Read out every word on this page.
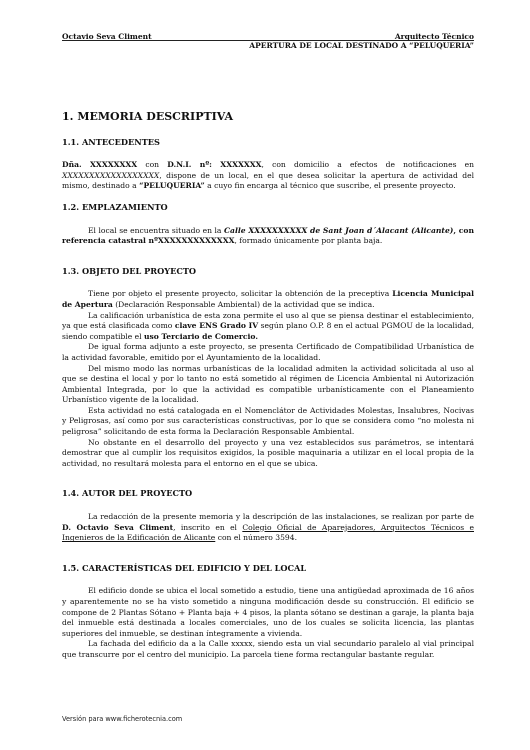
Octavio Seva Climent	Arquitecto Técnico
APERTURA DE LOCAL DESTINADO A “PELUQUERIA”
1. MEMORIA DESCRIPTIVA
1.1. ANTECEDENTES

Dña. XXXXXXXX con D.N.I. nº: XXXXXXX, con domicilio a efectos de notificaciones en XXXXXXXXXXXXXXXXXX, dispone de un local, en el que desea solicitar la apertura de actividad del mismo, destinado a “PELUQUERIA” a cuyo fin encarga al técnico que suscribe, el presente proyecto.

1.2. EMPLAZAMIENTO

El local se encuentra situado en la Calle XXXXXXXXXX de Sant Joan d´Alacant (Alicante), con referencia catastral nºXXXXXXXXXXXXX, formado únicamente por planta baja.

1.3. OBJETO DEL PROYECTO

Tiene por objeto el presente proyecto, solicitar la obtención de la preceptiva Licencia Municipal de Apertura (Declaración Responsable Ambiental) de la actividad que se indica.

La calificación urbanística de esta zona permite el uso al que se piensa destinar el establecimiento, ya que está clasificada como clave ENS Grado IV según plano O.P. 8 en el actual PGMOU de la localidad, siendo compatible el uso Terciario de Comercio.

De igual forma adjunto a este proyecto, se presenta Certificado de Compatibilidad Urbanística de la actividad favorable, emitido por el Ayuntamiento de la localidad.

Del mismo modo las normas urbanísticas de la localidad admiten la actividad solicitada al uso al que se destina el local y por lo tanto no está sometido al régimen de Licencia Ambiental ni Autorización Ambiental Integrada, por lo que la actividad es compatible urbanísticamente con el Planeamiento Urbanístico vigente de la localidad.

Esta actividad no está catalogada en el Nomenclátor de Actividades Molestas, Insalubres, Nocivas y Peligrosas, así como por sus características constructivas, por lo que se considera como “no molesta ni peligrosa” solicitando de esta forma la Declaración Responsable Ambiental.

No obstante en el desarrollo del proyecto y una vez establecidos sus parámetros, se intentará demostrar que al cumplir los requisitos exigidos, la posible maquinaria a utilizar en el local propia de la actividad, no resultará molesta para el entorno en el que se ubica.

1.4. AUTOR DEL PROYECTO

La redacción de la presente memoria y la descripción de las instalaciones, se realizan por parte de D. Octavio Seva Climent, inscrito en el Colegio Oficial de Aparejadores, Arquitectos Técnicos e Ingenieros de la Edificación de Alicante con el número 3594.

1.5. CARACTERÍSTICAS DEL EDIFICIO Y DEL LOCAL

El edificio donde se ubica el local sometido a estudio, tiene una antigüedad aproximada de 16 años y aparentemente no se ha visto sometido a ninguna modificación desde su construcción. El edificio se compone de 2 Plantas Sótano + Planta baja + 4 pisos, la planta sótano se destinan a garaje, la planta baja del inmueble está destinada a locales comerciales, uno de los cuales se solicita licencia, las plantas superiores del inmueble, se destinan íntegramente a vivienda.

La fachada del edificio da a la Calle xxxxx, siendo esta un vial secundario paralelo al vial principal que transcurre por el centro del municipio. La parcela tiene forma rectangular bastante regular.

Versión para www.ficherotecnia.com
